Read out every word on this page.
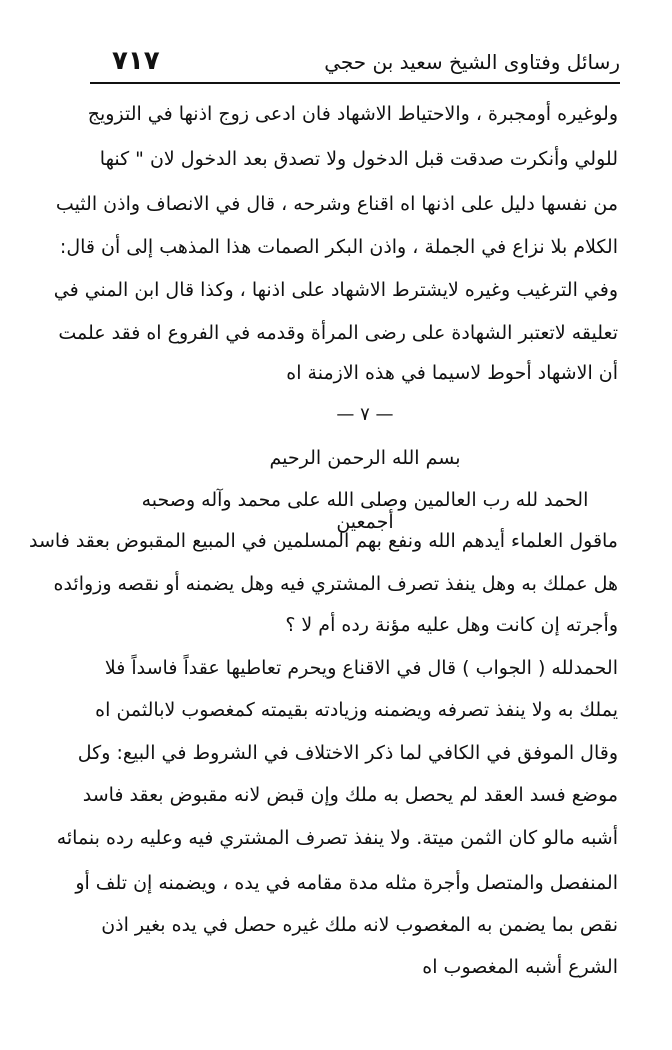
٧١٧	رسائل وفتاوى الشيخ سعيد بن حجي
ولوغيره أومجبرة ، والاحتياط الاشهاد فان ادعى زوج اذنها في التزويج
للولي وأنكرت صدقت قبل الدخول ولا تصدق بعد الدخول لان " كنها
من نفسها دليل على اذنها اه اقناع وشرحه ، قال في الانصاف واذن الثيب
الكلام بلا نزاع في الجملة ، واذن البكر الصمات هذا المذهب إلى أن قال:
وفي الترغيب وغيره لايشترط الاشهاد على اذنها ، وكذا قال ابن المني في
تعليقه لاتعتبر الشهادة على رضى المرأة وقدمه في الفروع اه فقد علمت
أن الاشهاد أحوط لاسيما في هذه الازمنة اه
— ٧ —
بسم الله الرحمن الرحيم
الحمد لله رب العالمين وصلى الله على محمد وآله وصحبه أجمعين
ماقول العلماء أيدهم الله ونفع بهم المسلمين في المبيع المقبوض بعقد فاسد
هل عملك به وهل ينفذ تصرف المشتري فيه وهل يضمنه أو نقصه وزوائده
وأجرته إن كانت وهل عليه مؤنة رده أم لا ؟
الحمدلله ( الجواب ) قال في الاقناع ويحرم تعاطيها عقداً فاسداً فلا
يملك به ولا ينفذ تصرفه ويضمنه وزيادته بقيمته كمغصوب لابالثمن اه
وقال الموفق في الكافي لما ذكر الاختلاف في الشروط في البيع: وكل
موضع فسد العقد لم يحصل به ملك وإن قبض لانه مقبوض بعقد فاسد
أشبه مالو كان الثمن ميتة. ولا ينفذ تصرف المشتري فيه وعليه رده بنمائه
المنفصل والمتصل وأجرة مثله مدة مقامه في يده ، ويضمنه إن تلف أو
نقص بما يضمن به المغصوب لانه ملك غيره حصل في يده بغير اذن
الشرع أشبه المغصوب اه
